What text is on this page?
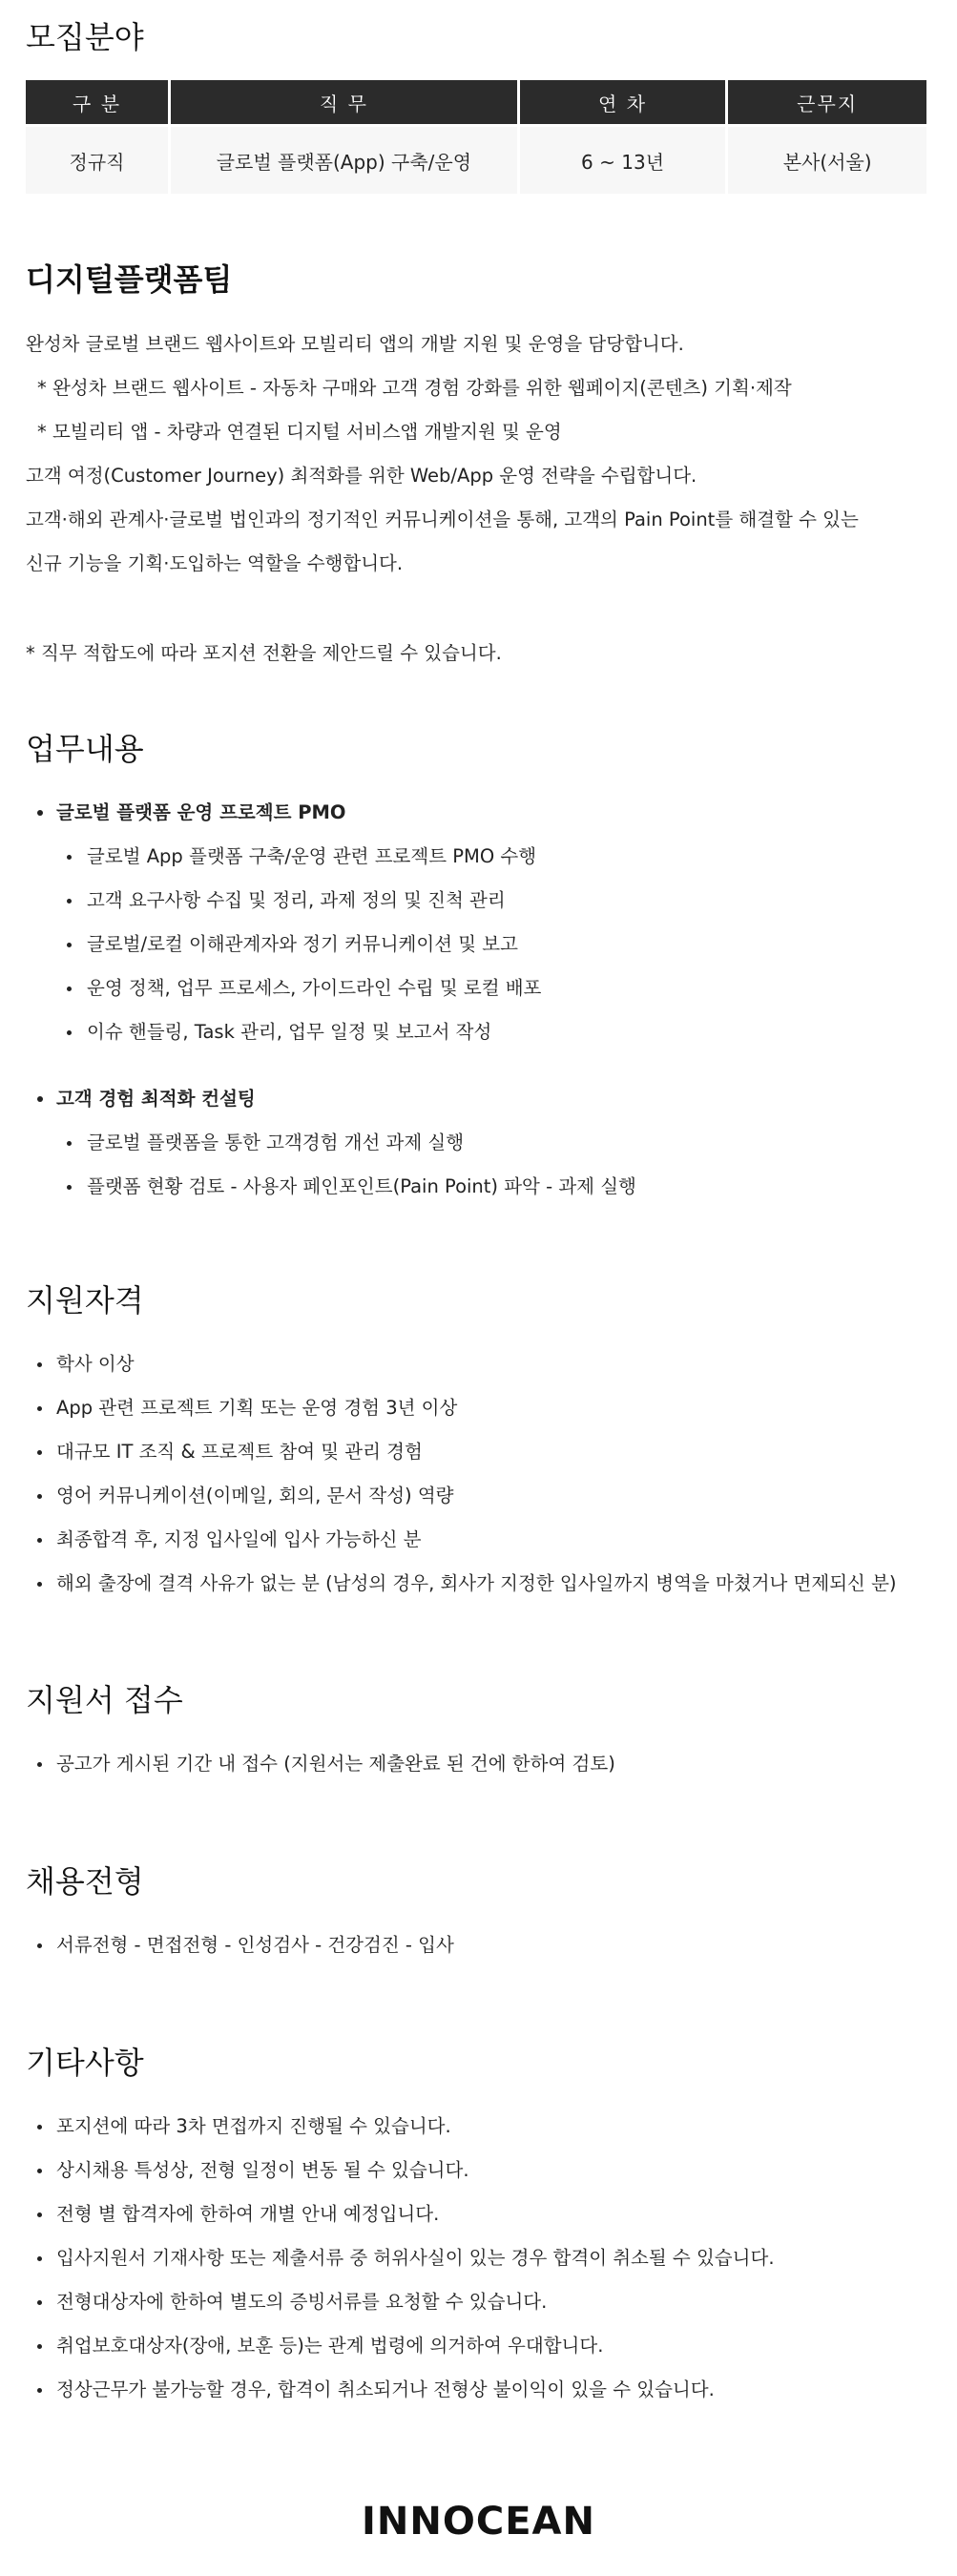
모집분야
구 분	직 무	연 차	근무지
정규직	글로벌 플랫폼(App) 구축/운영	6 ~ 13년	본사(서울)
디지털플랫폼팀
완성차 글로벌 브랜드 웹사이트와 모빌리티 앱의 개발 지원 및 운영을 담당합니다.
* 완성차 브랜드 웹사이트 - 자동차 구매와 고객 경험 강화를 위한 웹페이지(콘텐츠) 기획·제작
* 모빌리티 앱 - 차량과 연결된 디지털 서비스앱 개발지원 및 운영
고객 여정(Customer Journey) 최적화를 위한 Web/App 운영 전략을 수립합니다.
고객·해외 관계사·글로벌 법인과의 정기적인 커뮤니케이션을 통해, 고객의 Pain Point를 해결할 수 있는
신규 기능을 기획·도입하는 역할을 수행합니다.
* 직무 적합도에 따라 포지션 전환을 제안드릴 수 있습니다.
업무내용
글로벌 플랫폼 운영 프로젝트 PMO
글로벌 App 플랫폼 구축/운영 관련 프로젝트 PMO 수행
고객 요구사항 수집 및 정리, 과제 정의 및 진척 관리
글로벌/로컬 이해관계자와 정기 커뮤니케이션 및 보고
운영 정책, 업무 프로세스, 가이드라인 수립 및 로컬 배포
이슈 핸들링, Task 관리, 업무 일정 및 보고서 작성
고객 경험 최적화 컨설팅
글로벌 플랫폼을 통한 고객경험 개선 과제 실행
플랫폼 현황 검토 - 사용자 페인포인트(Pain Point) 파악 - 과제 실행
지원자격
학사 이상
App 관련 프로젝트 기획 또는 운영 경험 3년 이상
대규모 IT 조직 & 프로젝트 참여 및 관리 경험
영어 커뮤니케이션(이메일, 회의, 문서 작성) 역량
최종합격 후, 지정 입사일에 입사 가능하신 분
해외 출장에 결격 사유가 없는 분 (남성의 경우, 회사가 지정한 입사일까지 병역을 마쳤거나 면제되신 분)
지원서 접수
공고가 게시된 기간 내 접수 (지원서는 제출완료 된 건에 한하여 검토)
채용전형
서류전형 - 면접전형 - 인성검사 - 건강검진 - 입사
기타사항
포지션에 따라 3차 면접까지 진행될 수 있습니다.
상시채용 특성상, 전형 일정이 변동 될 수 있습니다.
전형 별 합격자에 한하여 개별 안내 예정입니다.
입사지원서 기재사항 또는 제출서류 중 허위사실이 있는 경우 합격이 취소될 수 있습니다.
전형대상자에 한하여 별도의 증빙서류를 요청할 수 있습니다.
취업보호대상자(장애, 보훈 등)는 관계 법령에 의거하여 우대합니다.
정상근무가 불가능할 경우, 합격이 취소되거나 전형상 불이익이 있을 수 있습니다.
INNOCEAN
